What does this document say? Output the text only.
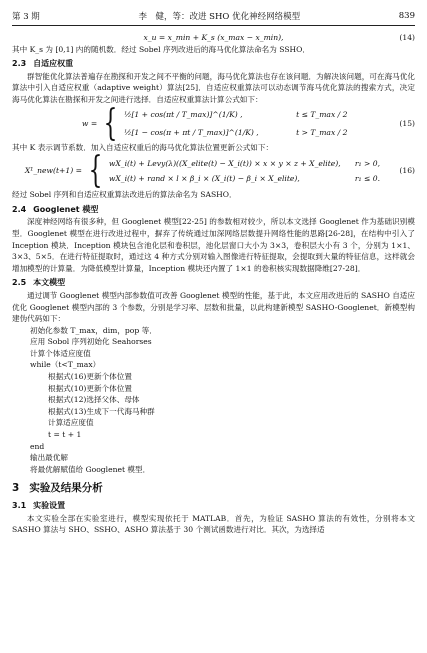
第 3 期	李　健，等：改进 SHO 优化神经网络模型	839
x_u = x_min + K_s (x_max − x_min),	(14)

其中 K_s 为 [0,1] 内的随机数．经过 Sobel 序列改进后的海马优化算法命名为 SSHO．

2.3 自适应权重

群智能优化算法普遍存在勘探和开发之间不平衡的问题，海马优化算法也存在该问题．为解决该问题，可在海马优化算法中引入自适应权重（adaptive weight）算法[25]．自适应权重算法可以动态调节海马优化算法的搜索方式，决定海马优化算法在勘探和开发之间进行选择．自适应权重算法计算公式如下：

w = { ½[1 + cos(πt / T_max)]^(1/K) ,	t ≤ T_max / 2
½[1 − cos(π + πt / T_max)]^(1/K) ,	t > T_max / 2
(15)

其中 K 表示调节系数．加入自适应权重后的海马优化算法位置更新公式如下：

X¹_new(t+1) = { wX_i(t) + Levy(λ)((X_elite(t) − X_i(t)) × x × y × z + X_elite),	r₁ > 0,
wX_i(t) + rand × l × β_i × (X_i(t) − β_i × X_elite),	r₁ ≤ 0.
(16)

经过 Sobel 序列和自适应权重算法改进后的算法命名为 SASHO．

2.4 Googlenet 模型

深度神经网络有很多种，但 Googlenet 模型[22-25] 的参数相对较少，所以本文选择 Googlenet 作为基础识别模型．Googlenet 模型在进行改进过程中，摒弃了传统通过加深网络层数提升网络性能的思路[26-28]，在结构中引入了 Inception 模块．Inception 模块包含池化层和卷积层，池化层窗口大小为 3×3，卷积层大小有 3 个，分别为 1×1、3×3、5×5．在进行特征提取时，通过这 4 种方式分别对输入图像进行特征提取，会提取到大量的特征信息，这样就会增加模型的计算量．为降低模型计算量，Inception 模块还内置了 1×1 的卷积核实现数据降维[27-28]．

2.5 本文模型

通过调节 Googlenet 模型内部参数值可改善 Googlenet 模型的性能，基于此，本文应用改进后的 SASHO 自适应优化 Googlenet 模型内部的 3 个参数，分别是学习率、层数和批量，以此构建新模型 SASHO-Googlenet．新模型构建伪代码如下：

初始化参数 T_max，dim，pop 等．
应用 Sobol 序列初始化 Seahorses
计算个体适应度值
while（t<T_max）
根据式(16)更新个体位置
根据式(10)更新个体位置
根据式(12)选择父体、母体
根据式(13)生成下一代海马种群
计算适应度值
t = t + 1
end
输出最优解
将最优解赋值给 Googlenet 模型．
3 实验及结果分析
3.1 实验设置

本文实验全部在实验室进行，模型实现依托于 MATLAB．首先，为验证 SASHO 算法的有效性，分别将本文 SASHO 算法与 SHO、SSHO、ASHO 算法基于 30 个测试函数进行对比．其次，为选择适
